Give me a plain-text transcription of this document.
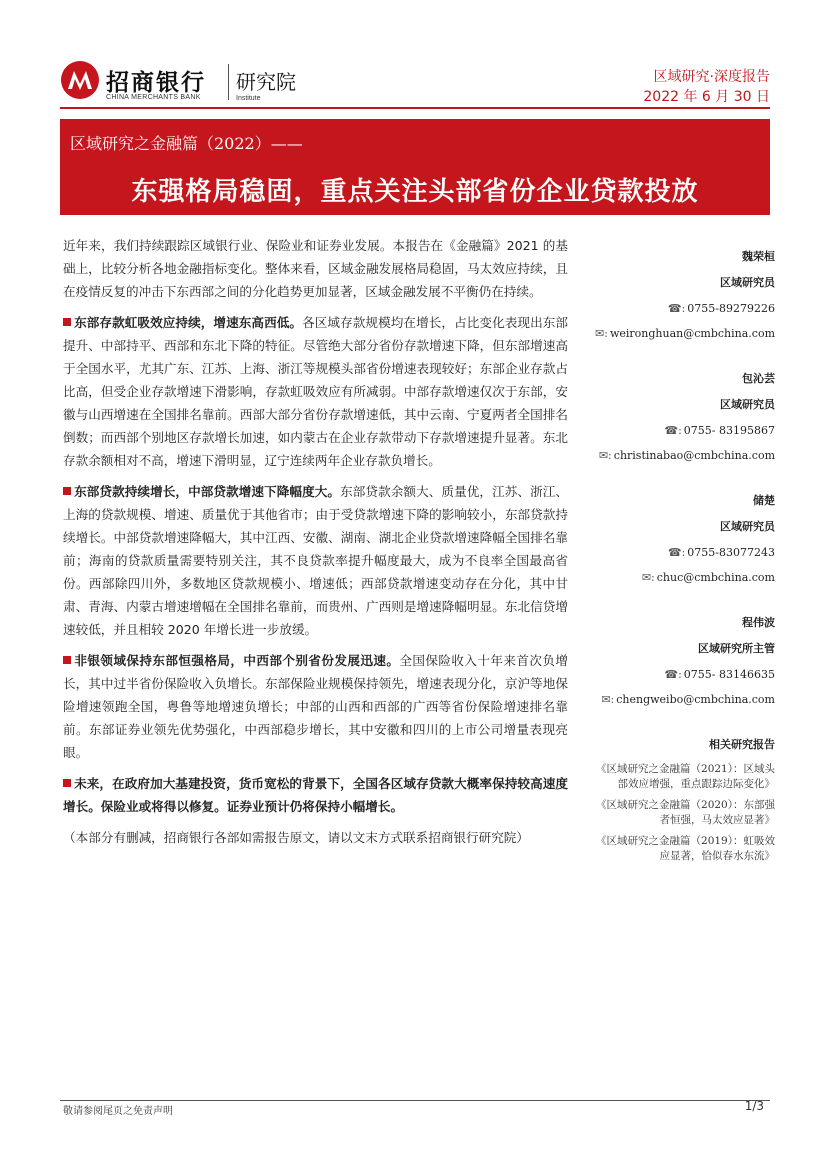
招商银行
CHINA MERCHANTS BANK
研究院
Institute
区域研究·深度报告
2022 年 6 月 30 日
区域研究之金融篇（2022）——
东强格局稳固，重点关注头部省份企业贷款投放

近年来，我们持续跟踪区域银行业、保险业和证券业发展。本报告在《金融篇》2021 的基础上，比较分析各地金融指标变化。整体来看，区域金融发展格局稳固，马太效应持续，且在疫情反复的冲击下东西部之间的分化趋势更加显著，区域金融发展不平衡仍在持续。

东部存款虹吸效应持续，增速东高西低。各区域存款规模均在增长，占比变化表现出东部提升、中部持平、西部和东北下降的特征。尽管绝大部分省份存款增速下降，但东部增速高于全国水平，尤其广东、江苏、上海、浙江等规模头部省份增速表现较好；东部企业存款占比高，但受企业存款增速下滑影响，存款虹吸效应有所减弱。中部存款增速仅次于东部，安徽与山西增速在全国排名靠前。西部大部分省份存款增速低，其中云南、宁夏两者全国排名倒数；而西部个别地区存款增长加速，如内蒙古在企业存款带动下存款增速提升显著。东北存款余额相对不高，增速下滑明显，辽宁连续两年企业存款负增长。

东部贷款持续增长，中部贷款增速下降幅度大。东部贷款余额大、质量优，江苏、浙江、上海的贷款规模、增速、质量优于其他省市；由于受贷款增速下降的影响较小，东部贷款持续增长。中部贷款增速降幅大，其中江西、安徽、湖南、湖北企业贷款增速降幅全国排名靠前；海南的贷款质量需要特别关注，其不良贷款率提升幅度最大，成为不良率全国最高省份。西部除四川外，多数地区贷款规模小、增速低；西部贷款增速变动存在分化，其中甘肃、青海、内蒙古增速增幅在全国排名靠前，而贵州、广西则是增速降幅明显。东北信贷增速较低，并且相较 2020 年增长进一步放缓。

非银领域保持东部恒强格局，中西部个别省份发展迅速。全国保险收入十年来首次负增长，其中过半省份保险收入负增长。东部保险业规模保持领先，增速表现分化，京沪等地保险增速领跑全国，粤鲁等地增速负增长；中部的山西和西部的广西等省份保险增速排名靠前。东部证券业领先优势强化，中西部稳步增长，其中安徽和四川的上市公司增量表现亮眼。

未来，在政府加大基建投资，货币宽松的背景下，全国各区域存贷款大概率保持较高速度增长。保险业或将得以修复。证券业预计仍将保持小幅增长。

（本部分有删减，招商银行各部如需报告原文，请以文末方式联系招商银行研究院）

魏荣桓
区域研究员
☎: 0755-89279226
✉: weironghuan@cmbchina.com
包沁芸
区域研究员
☎: 0755- 83195867
✉: christinabao@cmbchina.com
储楚
区域研究员
☎: 0755-83077243
✉: chuc@cmbchina.com
程伟波
区域研究所主管
☎: 0755- 83146635
✉: chengweibo@cmbchina.com
相关研究报告
《区域研究之金融篇（2021）：区域头部效应增强，重点跟踪边际变化》
《区域研究之金融篇（2020）：东部强者恒强，马太效应显著》
《区域研究之金融篇（2019）：虹吸效应显著，恰似春水东流》
敬请参阅尾页之免责声明	1/3
